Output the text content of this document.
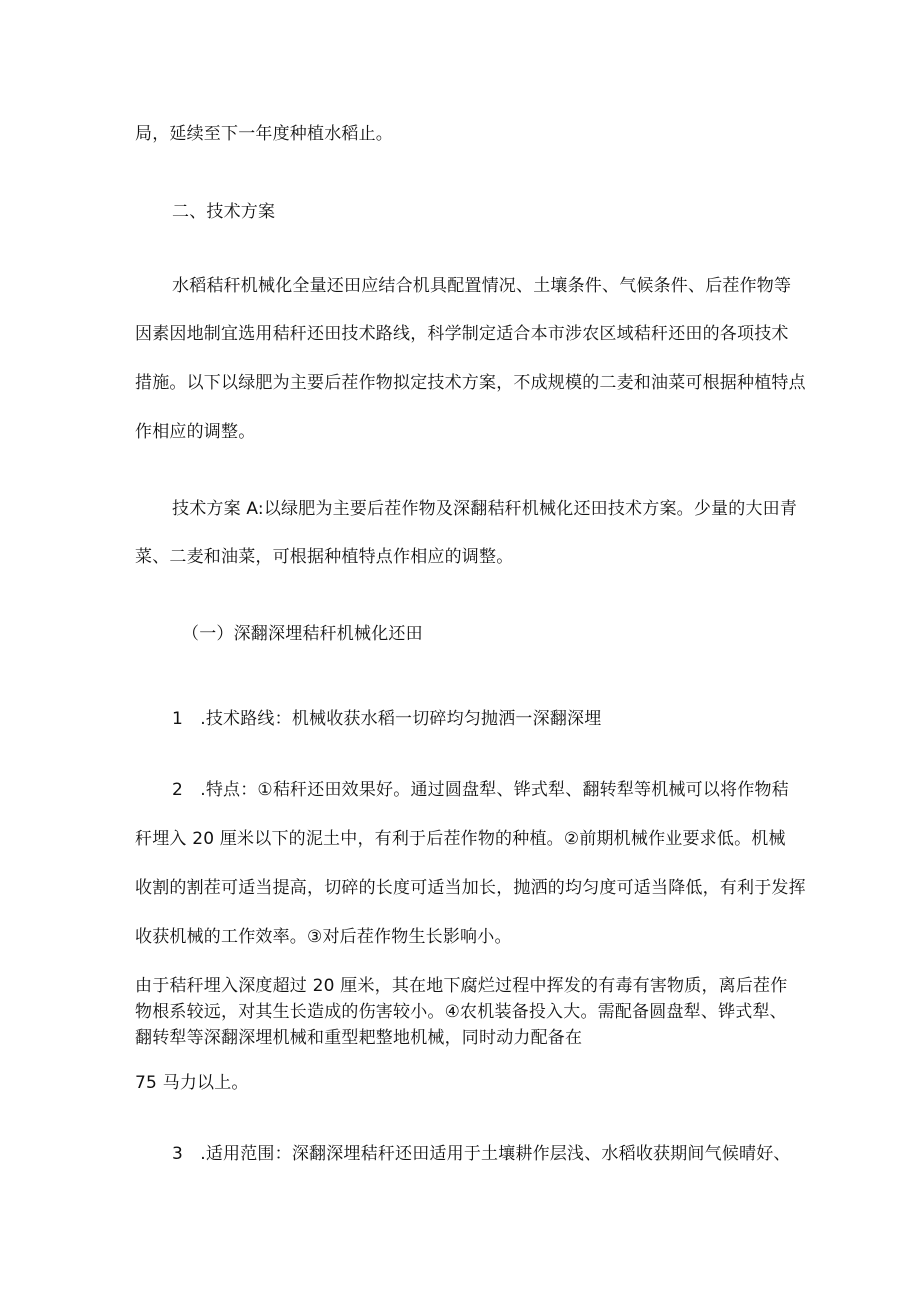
局，延续至下一年度种植水稻止。
二、技术方案
水稻秸秆机械化全量还田应结合机具配置情况、土壤条件、气候条件、后茬作物等
因素因地制宜选用秸秆还田技术路线，科学制定适合本市涉农区域秸秆还田的各项技术
措施。以下以绿肥为主要后茬作物拟定技术方案，不成规模的二麦和油菜可根据种植特点
作相应的调整。
技术方案 A:以绿肥为主要后茬作物及深翻秸秆机械化还田技术方案。少量的大田青
菜、二麦和油菜，可根据种植特点作相应的调整。
（一）深翻深埋秸秆机械化还田
1　.技术路线：机械收获水稻一切碎均匀抛洒一深翻深埋
2　.特点：①秸秆还田效果好。通过圆盘犁、铧式犁、翻转犁等机械可以将作物秸
秆埋入 20 厘米以下的泥土中，有利于后茬作物的种植。②前期机械作业要求低。机械
收割的割茬可适当提高，切碎的长度可适当加长，抛洒的均匀度可适当降低，有利于发挥
收获机械的工作效率。③对后茬作物生长影响小。
由于秸秆埋入深度超过 20 厘米，其在地下腐烂过程中挥发的有毒有害物质，离后茬作
物根系较远，对其生长造成的伤害较小。④农机装备投入大。需配备圆盘犁、铧式犁、
翻转犁等深翻深埋机械和重型耙整地机械，同时动力配备在
75 马力以上。
3　.适用范围：深翻深埋秸秆还田适用于土壤耕作层浅、水稻收获期间气候晴好、
